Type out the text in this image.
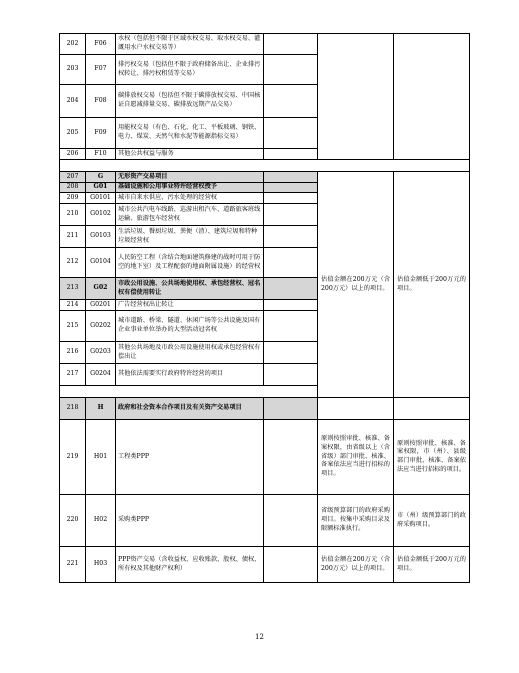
202	F06	水权（包括但不限于区域水权交易、取水权交易、灌溉用水户水权交易等）			
203	F07	排污权交易（包括但不限于政府储备出让、企业排污权转让、排污权租赁等交易）			
204	F08	碳排放权交易（包括但不限于碳排放权交易、中国核证自愿减排量交易、碳排放远期产品交易）			
205	F09	用能权交易（有色、石化、化工、平板玻璃、钢铁、电力、煤炭、天然气和水泥等能源指标交易）			
206	F10	其他公共权益与服务			

207	G	无形资产交易项目		估值金额在200万元（含200万元）以上的项目。	估值金额低于200万元的项目。
208	G01	基础设施和公用事业特许经营权授予			
209	G0101	城市自来水供应、污水处理的经营权			
210	G0102	城市公共汽电车线路、巡游出租汽车、道路旅客班线运输、旅游包车经营权			
211	G0103	生活垃圾、餐厨垃圾、粪便（渣）、建筑垃圾和特种垃圾经营权			
212	G0104	人民防空工程（含结合地面建筑修建的战时可用于防空的地下室）及工程配套的地面附属设施）的经营权			
213	G02	市政公用设施、公共场地使用权、承包经营权、冠名权有偿使用转让			
214	G0201	广告经营权出让转让			
215	G0202	城市道路、桥梁、隧道、休闲广场等公共设施及国有企业事业单位举办的大型活动冠名权			
216	G0203	其他公共场地及市政公用设施使用权或承包经营权有偿出让			
217	G0204	其他依法需要实行政府特许经营的项目			

218	H	政府和社会资本合作项目及有关资产交易项目			
219	H01	工程类PPP		原则按照审批、核准、备案权限，由省级以上（含省级）部门审批、核准、备案依法应当进行招标的项目。	原则按照审批、核准、备案权限，市（州）、县级部门审批、核准、备案依法应当进行招标的项目。
220	H02	采购类PPP		省级预算部门的政府采购项目。按集中采购目录及限额标准执行。	市（州）级预算部门的政府采购项目。
221	H03	PPP资产交易（含收益权、应收账款、股权、债权、所有权及其他财产权利）		估值金额在200万元（含200万元）以上的项目。	估值金额低于200万元的项目。
12
